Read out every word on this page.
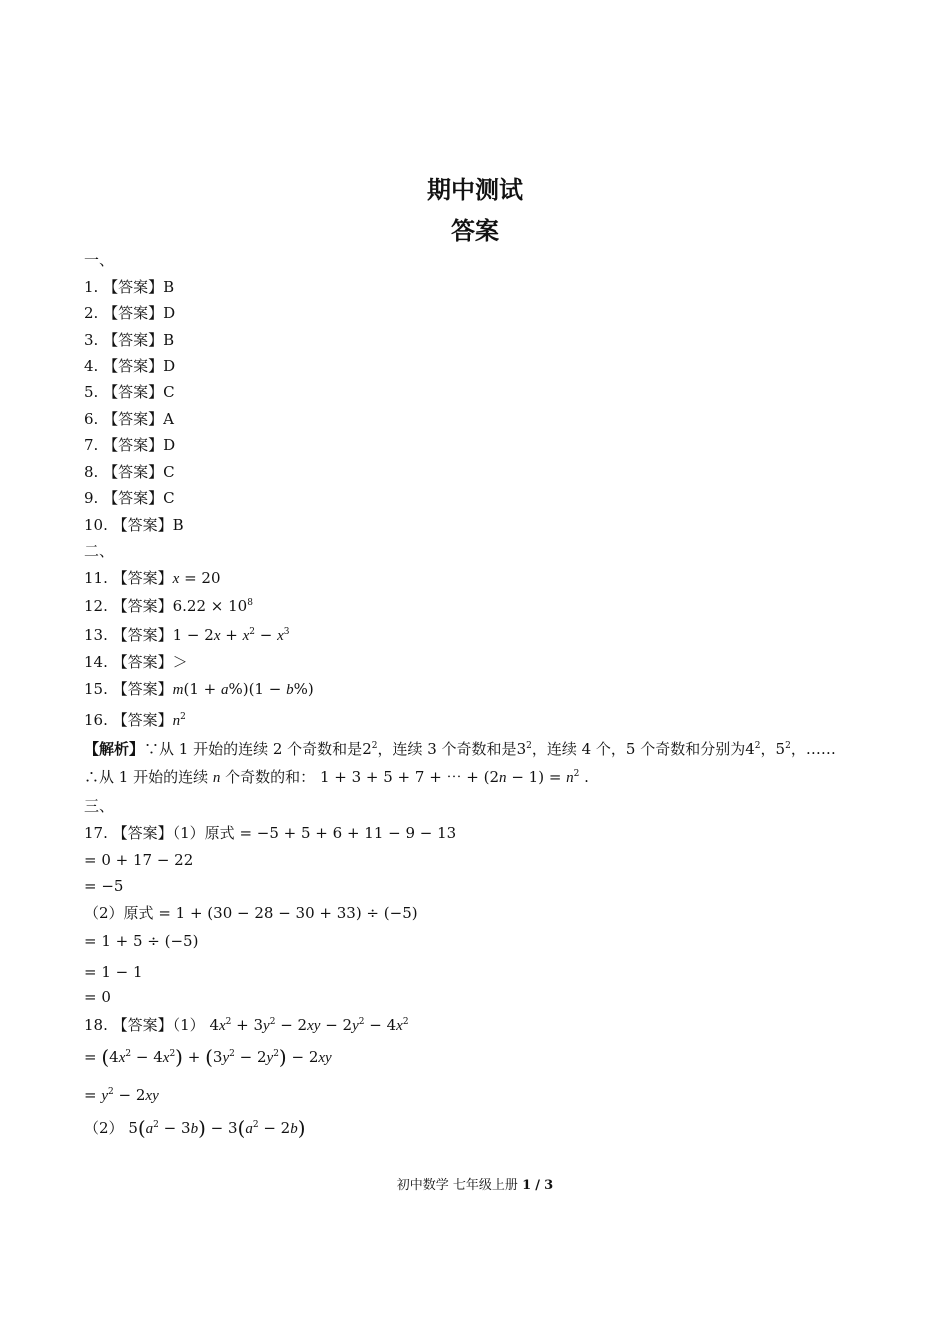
期中测试
答案
一、
1. 【答案】B
2. 【答案】D
3. 【答案】B
4. 【答案】D
5. 【答案】C
6. 【答案】A
7. 【答案】D
8. 【答案】C
9. 【答案】C
10. 【答案】B
二、
11. 【答案】x = 20
12. 【答案】$6.22 \times 10^8$
13. 【答案】$1 - 2x + x^2 - x^3$
14. 【答案】＞
15. 【答案】m(1 + a%)(1 − b%)
16. 【答案】$n^2$
【解析】∵从 1 开始的连续 2 个奇数和是$2^2$，连续 3 个奇数和是$3^2$，连续 4 个，5 个奇数和分别为$4^2$，$5^2$，……
∴从 1 开始的连续 n 个奇数的和： 1 + 3 + 5 + 7 + ⋯ + $(2n - 1) = n^2$ .
三、
17. 【答案】（1）原式 = −5 + 5 + 6 + 11 − 9 − 13
= 0 + 17 − 22
= −5
（2）原式 = 1 + (30 − 28 − 30 + 33) ÷ (−5)
= 1 + 5 ÷ (−5)
= 1 − 1
= 0
18. 【答案】（1） $4x^2 + 3y^2 - 2xy - 2y^2 - 4x^2$
= $(4x^2 - 4x^2) + (3y^2 - 2y^2) - 2xy$
= $y^2 - 2xy$
（2） $5(a^2 - 3b) - 3(a^2 - 2b)$
初中数学 七年级上册 1 / 3
